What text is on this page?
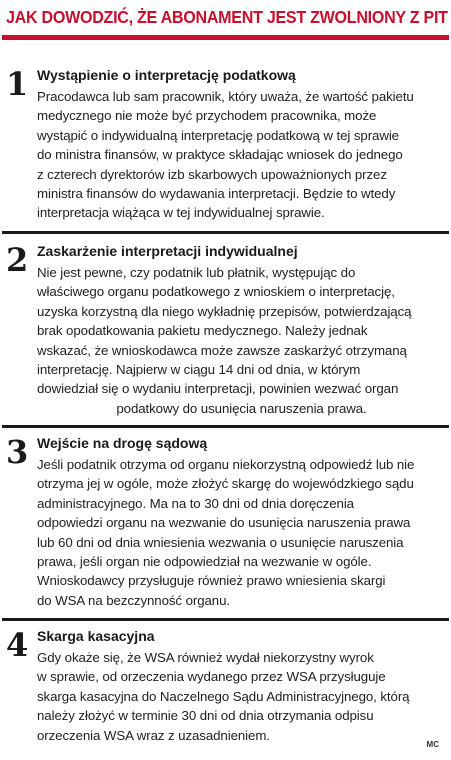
JAK DOWODZIĆ, ŻE ABONAMENT JEST ZWOLNIONY Z PIT
1 Wystąpienie o interpretację podatkową
Pracodawca lub sam pracownik, który uważa, że wartość pakietu
medycznego nie może być przychodem pracownika, może
wystąpić o indywidualną interpretację podatkową w tej sprawie
do ministra finansów, w praktyce składając wniosek do jednego
z czterech dyrektorów izb skarbowych upoważnionych przez
ministra finansów do wydawania interpretacji. Będzie to wtedy
interpretacja wiążąca w tej indywidualnej sprawie.
2 Zaskarżenie interpretacji indywidualnej
Nie jest pewne, czy podatnik lub płatnik, występując do
właściwego organu podatkowego z wnioskiem o interpretację,
uzyska korzystną dla niego wykładnię przepisów, potwierdzającą
brak opodatkowania pakietu medycznego. Należy jednak
wskazać, że wnioskodawca może zawsze zaskarżyć otrzymaną
interpretację. Najpierw w ciągu 14 dni od dnia, w którym
dowiedział się o wydaniu interpretacji, powinien wezwać organ
podatkowy do usunięcia naruszenia prawa.
3 Wejście na drogę sądową
Jeśli podatnik otrzyma od organu niekorzystną odpowiedź lub nie
otrzyma jej w ogóle, może złożyć skargę do wojewódzkiego sądu
administracyjnego. Ma na to 30 dni od dnia doręczenia
odpowiedzi organu na wezwanie do usunięcia naruszenia prawa
lub 60 dni od dnia wniesienia wezwania o usunięcie naruszenia
prawa, jeśli organ nie odpowiedział na wezwanie w ogóle.
Wnioskodawcy przysługuje również prawo wniesienia skargi
do WSA na bezczynność organu.
4 Skarga kasacyjna
Gdy okaże się, że WSA również wydał niekorzystny wyrok
w sprawie, od orzeczenia wydanego przez WSA przysługuje
skarga kasacyjna do Naczelnego Sądu Administracyjnego, którą
należy złożyć w terminie 30 dni od dnia otrzymania odpisu
orzeczenia WSA wraz z uzasadnieniem.
MC
